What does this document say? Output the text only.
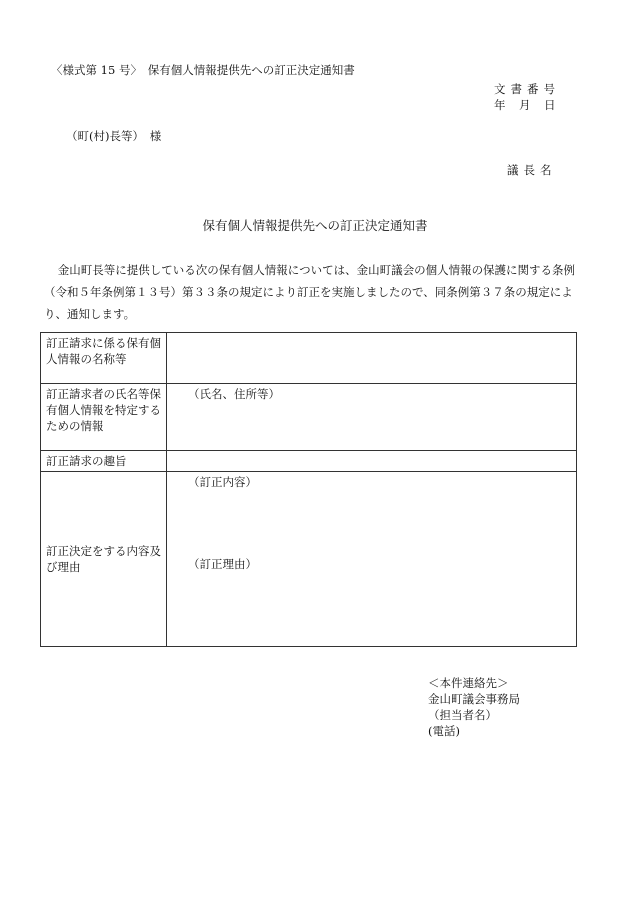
〈様式第 15 号〉　保有個人情報提供先への訂正決定通知書
文書番号
年　月　日
（町(村)長等）　様
議長名
保有個人情報提供先への訂正決定通知書

金山町長等に提供している次の保有個人情報については、金山町議会の個人情報の保護に関する条例（令和５年条例第１３号）第３３条の規定により訂正を実施しましたので、同条例第３７条の規定により、通知します。

訂正請求に係る保有個人情報の名称等	
訂正請求者の氏名等保有個人情報を特定するための情報	（氏名、住所等）

訂正請求の趣旨	
訂正決定をする内容及び理由	（訂正内容）
（訂正理由）
＜本件連絡先＞
金山町議会事務局
（担当者名）
(電話)
